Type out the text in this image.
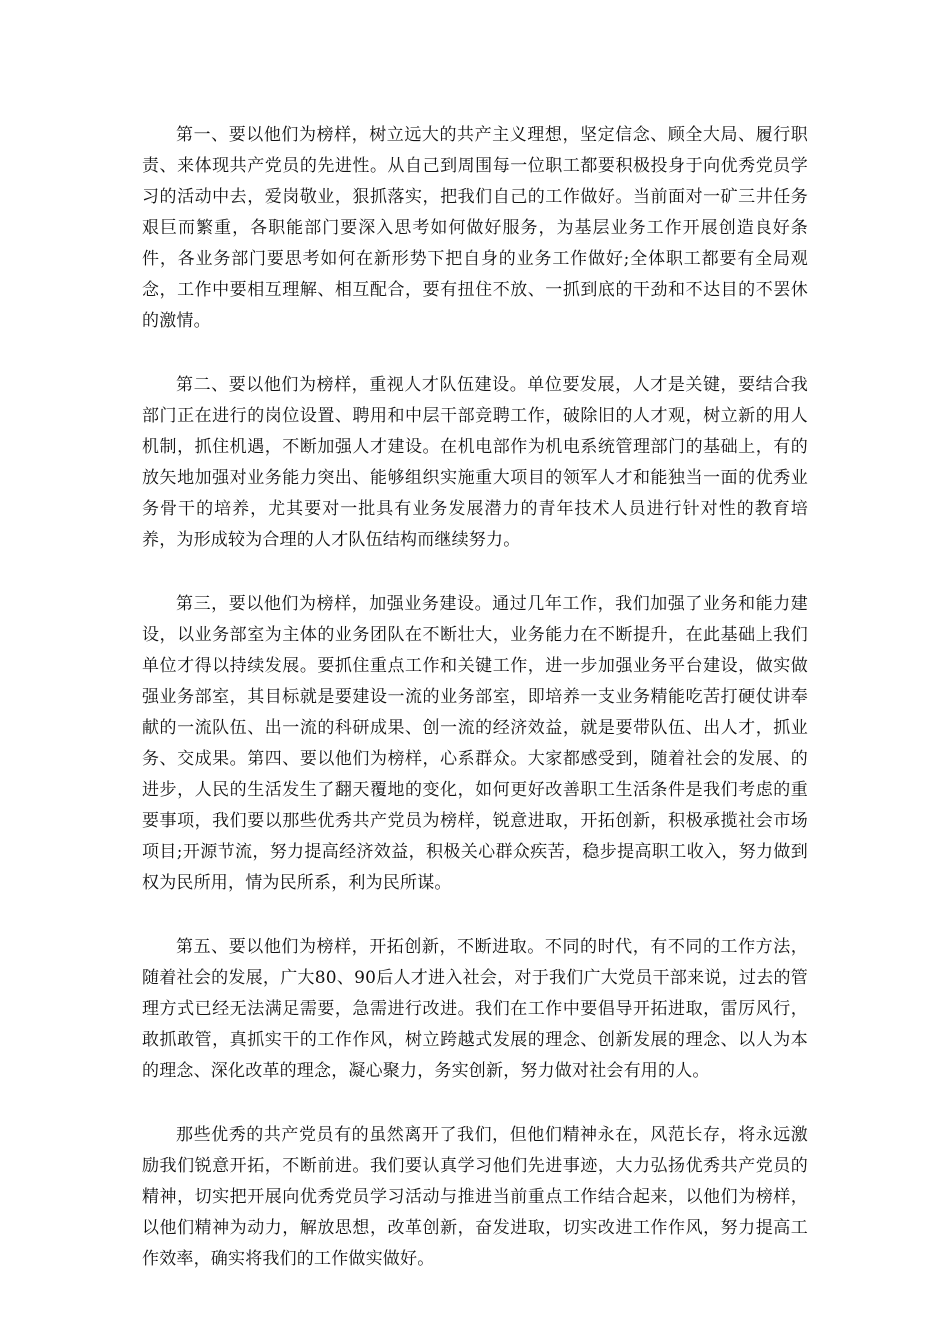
第一、要以他们为榜样，树立远大的共产主义理想，坚定信念、顾全大局、履行职责、来体现共产党员的先进性。从自己到周围每一位职工都要积极投身于向优秀党员学习的活动中去，爱岗敬业，狠抓落实，把我们自己的工作做好。当前面对一矿三井任务艰巨而繁重，各职能部门要深入思考如何做好服务，为基层业务工作开展创造良好条件，各业务部门要思考如何在新形势下把自身的业务工作做好;全体职工都要有全局观念，工作中要相互理解、相互配合，要有扭住不放、一抓到底的干劲和不达目的不罢休的激情。

第二、要以他们为榜样，重视人才队伍建设。单位要发展，人才是关键，要结合我部门正在进行的岗位设置、聘用和中层干部竞聘工作，破除旧的人才观，树立新的用人机制，抓住机遇，不断加强人才建设。在机电部作为机电系统管理部门的基础上，有的放矢地加强对业务能力突出、能够组织实施重大项目的领军人才和能独当一面的优秀业务骨干的培养，尤其要对一批具有业务发展潜力的青年技术人员进行针对性的教育培养，为形成较为合理的人才队伍结构而继续努力。

第三，要以他们为榜样，加强业务建设。通过几年工作，我们加强了业务和能力建设，以业务部室为主体的业务团队在不断壮大，业务能力在不断提升，在此基础上我们单位才得以持续发展。要抓住重点工作和关键工作，进一步加强业务平台建设，做实做强业务部室，其目标就是要建设一流的业务部室，即培养一支业务精能吃苦打硬仗讲奉献的一流队伍、出一流的科研成果、创一流的经济效益，就是要带队伍、出人才，抓业务、交成果。第四、要以他们为榜样，心系群众。大家都感受到，随着社会的发展、的进步，人民的生活发生了翻天覆地的变化，如何更好改善职工生活条件是我们考虑的重要事项，我们要以那些优秀共产党员为榜样，锐意进取，开拓创新，积极承揽社会市场项目;开源节流，努力提高经济效益，积极关心群众疾苦，稳步提高职工收入，努力做到权为民所用，情为民所系，利为民所谋。

第五、要以他们为榜样，开拓创新，不断进取。不同的时代，有不同的工作方法，随着社会的发展，广大80、90后人才进入社会，对于我们广大党员干部来说，过去的管理方式已经无法满足需要，急需进行改进。我们在工作中要倡导开拓进取，雷厉风行，敢抓敢管，真抓实干的工作作风，树立跨越式发展的理念、创新发展的理念、以人为本的理念、深化改革的理念，凝心聚力，务实创新，努力做对社会有用的人。

那些优秀的共产党员有的虽然离开了我们，但他们精神永在，风范长存，将永远激励我们锐意开拓，不断前进。我们要认真学习他们先进事迹，大力弘扬优秀共产党员的精神，切实把开展向优秀党员学习活动与推进当前重点工作结合起来，以他们为榜样，以他们精神为动力，解放思想，改革创新，奋发进取，切实改进工作作风，努力提高工作效率，确实将我们的工作做实做好。
